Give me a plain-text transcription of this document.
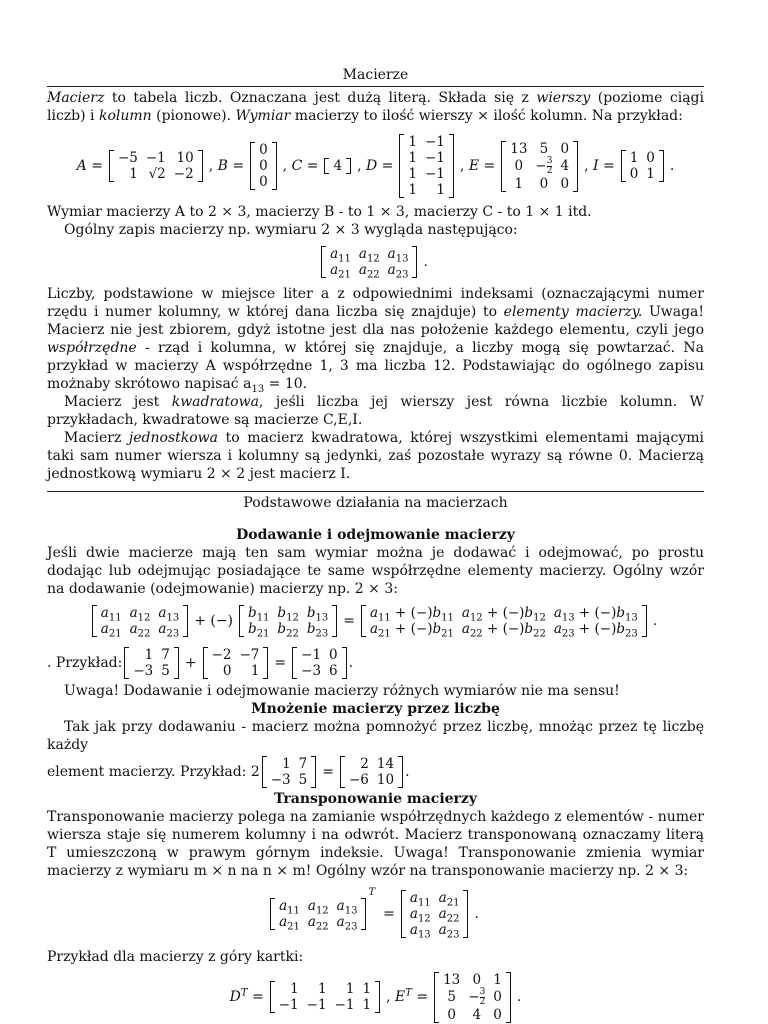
Macierze

Macierz to tabela liczb. Oznaczana jest dużą literą. Składa się z wierszy (poziome ciągi liczb) i kolumn (pionowe). Wymiar macierzy to ilość wierszy × ilość kolumn. Na przykład:

A = −5	−1	10
1	√2	−2 , B =
0
0
0
, C = 4 , D =
1	−1
1	−1
1	−1
1	1
, E =
13	5	0
0	− $\frac{3}{2}$	4
1	0	0
, I = 1	0
0	1 .

Wymiar macierzy A to 2 × 3, macierzy B - to 1 × 3, macierzy C - to 1 × 1 itd.

Ogólny zapis macierzy np. wymiaru 2 × 3 wygląda następująco:

$a_{11}$	$a_{12}$	$a_{13}$
$a_{21}$	$a_{22}$	$a_{23}$
.

Liczby, podstawione w miejsce liter a z odpowiednimi indeksami (oznaczającymi numer rzędu i numer kolumny, w której dana liczba się znajduje) to elementy macierzy. Uwaga! Macierz nie jest zbiorem, gdyż istotne jest dla nas położenie każdego elementu, czyli jego współrzędne - rząd i kolumna, w której się znajduje, a liczby mogą się powtarzać. Na przykład w macierzy A współrzędne 1, 3 ma liczba 12. Podstawiając do ogólnego zapisu możnaby skrótowo napisać $a_{13} = 10$.

Macierz jest kwadratowa, jeśli liczba jej wierszy jest równa liczbie kolumn. W przykładach, kwadratowe są macierze C,E,I.

Macierz jednostkowa to macierz kwadratowa, której wszystkimi elementami mającymi taki sam numer wiersza i kolumny są jedynki, zaś pozostałe wyrazy są równe 0. Macierzą jednostkową wymiaru 2 × 2 jest macierz I.

Podstawowe działania na macierzach
Dodawanie i odejmowanie macierzy

Jeśli dwie macierze mają ten sam wymiar można je dodawać i odejmować, po prostu dodając lub odejmując posiadające te same współrzędne elementy macierzy. Ogólny wzór na dodawanie (odejmowanie) macierzy np. 2 × 3:

$a_{11}$	$a_{12}$	$a_{13}$
$a_{21}$	$a_{22}$	$a_{23}$
+ (−) $b_{11}$	$b_{12}$	$b_{13}$
$b_{21}$	$b_{22}$	$b_{23}$
= $a_{11} + (-)b_{11}$	$a_{12} + (-)b_{12}$	$a_{13} + (-)b_{13}$
$a_{21} + (-)b_{21}$	$a_{22} + (-)b_{22}$	$a_{23} + (-)b_{23}$
.
. Przykład: 1	7
−3	5 + −2	−7
0	1 = −1	0
−3	6 .

Uwaga! Dodawanie i odejmowanie macierzy różnych wymiarów nie ma sensu!

Mnożenie macierzy przez liczbę

Tak jak przy dodawaniu - macierz można pomnożyć przez liczbę, mnożąc przez tę liczbę każdy

element macierzy. Przykład: 2 1	7
−3	5 = 2	14
−6	10 .
Transponowanie macierzy

Transponowanie macierzy polega na zamianie współrzędnych każdego z elementów - numer wiersza staje się numerem kolumny i na odwrót. Macierz transponowaną oznaczamy literą T umieszczoną w prawym górnym indeksie. Uwaga! Transponowanie zmienia wymiar macierzy z wymiaru m × n na n × m! Ogólny wzór na transponowanie macierzy np. 2 × 3:

$a_{11}$	$a_{12}$	$a_{13}$
$a_{21}$	$a_{22}$	$a_{23}$
$^T$
=
$a_{11}$	$a_{21}$
$a_{12}$	$a_{22}$
$a_{13}$	$a_{23}$
.

Przykład dla macierzy z góry kartki:

$D^T = 1$	1	1	1
−1	−1	−1	1 , $E^T$ =
13	0	1
5	− $\frac{3}{2}$	0
0	4	0
.
